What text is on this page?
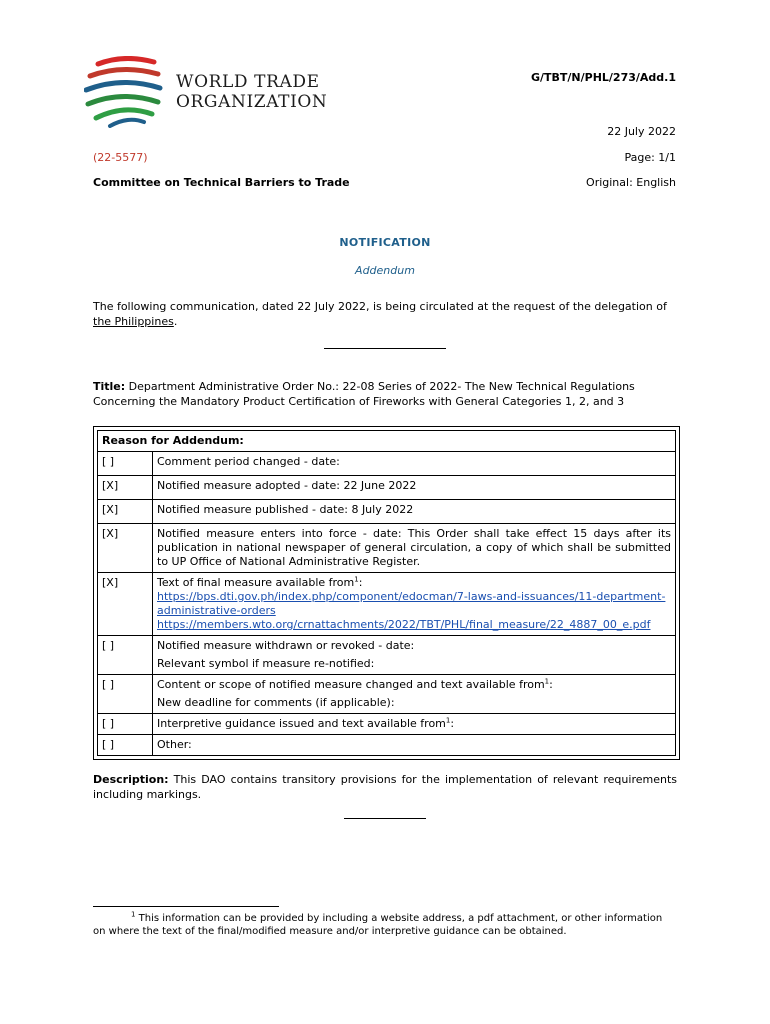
WORLD TRADE
ORGANIZATION
G/TBT/N/PHL/273/Add.1
22 July 2022
(22-5577)	Page: 1/1
Committee on Technical Barriers to Trade	Original: English
NOTIFICATION
Addendum
The following communication, dated 22 July 2022, is being circulated at the request of the delegation of the Philippines.
Title: Department Administrative Order No.: 22-08 Series of 2022- The New Technical Regulations Concerning the Mandatory Product Certification of Fireworks with General Categories 1, 2, and 3
Reason for Addendum:	
[ ]	Comment period changed - date:
[X]	Notified measure adopted - date: 22 June 2022
[X]	Notified measure published - date: 8 July 2022
[X]	Notified measure enters into force - date: This Order shall take effect 15 days after its publication in national newspaper of general circulation, a copy of which shall be submitted to UP Office of National Administrative Register.
[X]	Text of final measure available from$^1$:
https://bps.dti.gov.ph/index.php/component/edocman/7-laws-and-issuances/11-department-administrative-orders
https://members.wto.org/crnattachments/2022/TBT/PHL/final_measure/22_4887_00_e.pdf
[ ]	Notified measure withdrawn or revoked - date:
Relevant symbol if measure re-notified:

[ ]	Content or scope of notified measure changed and text available from$^1$:
New deadline for comments (if applicable):

[ ]	Interpretive guidance issued and text available from$^1$:
[ ]	Other:
Description: This DAO contains transitory provisions for the implementation of relevant requirements including markings.
$^1$ This information can be provided by including a website address, a pdf attachment, or other information on where the text of the final/modified measure and/or interpretive guidance can be obtained.
